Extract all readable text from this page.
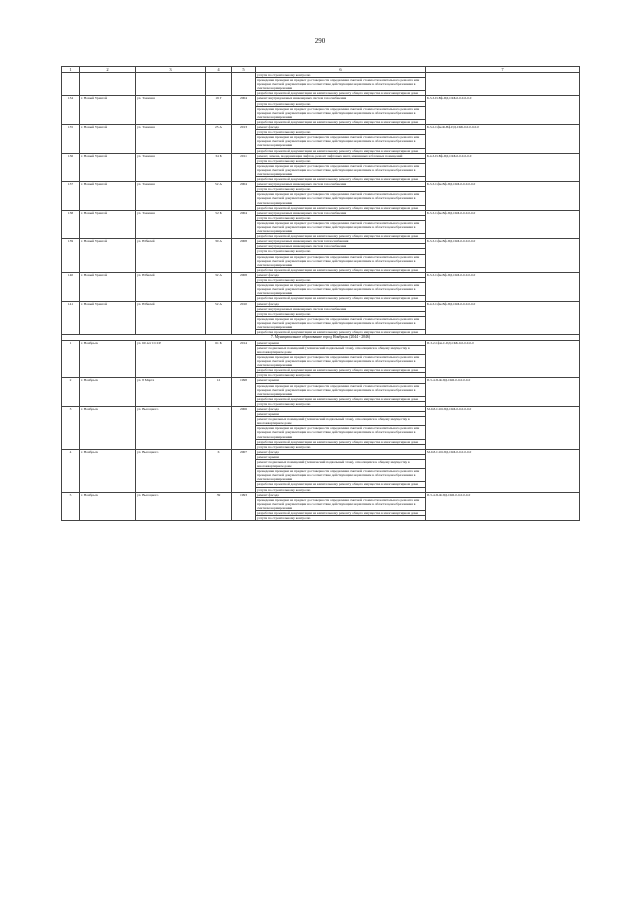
290
1	2	3	4	5	6	7
					услуги по строительному контролю	
					проведение проверки на предмет достоверности определения сметной стоимости капитального ремонта или проверки сметной документации на соответствие действующим нормативам в области ценообразования в сметном нормировании	
					разработка проектной документации на капитальному ремонту общего имущества в многоквартирном доме	
134	г. Новый Уренгой	ул. Таежная	19 Г	2004	ремонт внутридомовых инженерных систем газоснабжения	Б-3-3-П-Вф-ПД-СКБ-0-0-0-0-0-0
					услуги по строительному контролю	
					проведение проверки на предмет достоверности определения сметной стоимости капитального ремонта или проверки сметной документации на соответствие действующим нормативам в области ценообразования в сметном нормировании	
					разработка проектной документации на капитальному ремонту общего имущества в многоквартирном доме	
135	г. Новый Уренгой	ул. Таежная	25 А	2013	ремонт фасада	Б-3-2-Сфм-Ф-Вф-ПД-СКБ-0-0-0-0-0-0
					услуги по строительному контролю	
					проведение проверки на предмет достоверности определения сметной стоимости капитального ремонта или проверки сметной документации на соответствие действующим нормативам в области ценообразования в сметном нормировании	
					разработка проектной документации на капитальному ремонту общего имущества в многоквартирном доме	
136	г. Новый Уренгой	ул. Таежная	34 Б	2011	ремонт, замена, модернизация лифтов, ремонт лифтовых шахт, машинных и блочных помещений	Б-4-3-П-Вф-ПД-СКБ-0-0-0-0-0-0
					услуги по строительному контролю	
					проведение проверки на предмет достоверности определения сметной стоимости капитального ремонта или проверки сметной документации на соответствие действующим нормативам в области ценообразования в сметном нормировании	
					разработка проектной документации на капитальному ремонту общего имущества в многоквартирном доме	
137	г. Новый Уренгой	ул. Таежная	52 А	2004	ремонт внутридомовых инженерных систем газоснабжения	Б-3-3-Сфм-Вф-ПД-СКБ-0-0-0-0-0-0
					услуги по строительному контролю	
					проведение проверки на предмет достоверности определения сметной стоимости капитального ремонта или проверки сметной документации на соответствие действующим нормативам в области ценообразования в сметном нормировании	
					разработка проектной документации на капитальному ремонту общего имущества в многоквартирном доме	
138	г. Новый Уренгой	ул. Таежная	52 Б	2004	ремонт внутридомовых инженерных систем газоснабжения	Б-3-3-Сфм-Вф-ПД-СКБ-0-0-0-0-0-0
					услуги по строительному контролю	
					проведение проверки на предмет достоверности определения сметной стоимости капитального ремонта или проверки сметной документации на соответствие действующим нормативам в области ценообразования в сметном нормировании	
					разработка проектной документации на капитальному ремонту общего имущества в многоквартирном доме	
139	г. Новый Уренгой	ул. Юбилей	30 А	2008	ремонт внутридомовых инженерных систем теплоснабжения	Б-3-3-Сфм-Вф-ПД-СКБ-0-0-0-0-0-0
					ремонт внутридомовых инженерных систем газоснабжения	
					услуги по строительному контролю	
					проведение проверки на предмет достоверности определения сметной стоимости капитального ремонта или проверки сметной документации на соответствие действующим нормативам в области ценообразования в сметном нормировании	
					разработка проектной документации на капитальному ремонту общего имущества в многоквартирном доме	
140	г. Новый Уренгой	ул. Юбилей	32 А	2008	ремонт фасада	Б-3-3-Сфм-Вф-ПД-СКБ-0-0-0-0-0-0
					услуги по строительному контролю	
					проведение проверки на предмет достоверности определения сметной стоимости капитального ремонта или проверки сметной документации на соответствие действующим нормативам в области ценообразования в сметном нормировании	
					разработка проектной документации на капитальному ремонту общего имущества в многоквартирном доме	
141	г. Новый Уренгой	ул. Юбилей	52 А	2010	ремонт фасада	Б-4-3-Сфм-Вф-ПД-СКБ-0-0-0-0-0-0
					ремонт внутридомовых инженерных систем газоснабжения	
					услуги по строительному контролю	
					проведение проверки на предмет достоверности определения сметной стоимости капитального ремонта или проверки сметной документации на соответствие действующим нормативам в области ценообразования в сметном нормировании	
					разработка проектной документации на капитальному ремонту общего имущества в многоквартирном доме	
7. Муниципальное образование город Ноябрьск (2044 - 2046)						
1	г. Ноябрьск	ул. 60 лет СССР	61 Б	2014	ремонт крыши	П-3-2-Сфм-С-ПД-СКБ-0-0-0-0-0-0
					ремонт подвальных помещений (технический подвальный этаж), относящихся к общему имуществу в многоквартирном доме	
					проведение проверки на предмет достоверности определения сметной стоимости капитального ремонта или проверки сметной документации на соответствие действующим нормативам в области ценообразования в сметном нормировании	
					разработка проектной документации на капитальному ремонту общего имущества в многоквартирном доме	
					услуги по строительному контролю	
2	г. Ноябрьск	ул. 8 Марта	12	1998	ремонт крыши	П-5-4-П-Ф-ПД-СКБ-0-0-0-0-0-0
					проведение проверки на предмет достоверности определения сметной стоимости капитального ремонта или проверки сметной документации на соответствие действующим нормативам в области ценообразования в сметном нормировании	
					разработка проектной документации на капитальному ремонту общего имущества в многоквартирном доме	
					услуги по строительному контролю	
3	г. Ноябрьск	ул. Высоцкого	5	2006	ремонт фасада	М-9-8-С-Ш-ПД-СКБ-0-0-0-0-0-0
					ремонт крыши	
					ремонт подвальных помещений (технический подвальный этаж), относящихся к общему имуществу в многоквартирном доме	
					проведение проверки на предмет достоверности определения сметной стоимости капитального ремонта или проверки сметной документации на соответствие действующим нормативам в области ценообразования в сметном нормировании	
					разработка проектной документации на капитальному ремонту общего имущества в многоквартирном доме	
					услуги по строительному контролю	
4	г. Ноябрьск	ул. Высоцкого	6	2007	ремонт фасада	М-9-8-С-Ш-ПД-СКБ-0-0-0-0-0-0
					ремонт крыши	
					ремонт подвальных помещений (технический подвальный этаж), относящихся к общему имуществу в многоквартирном доме	
					проведение проверки на предмет достоверности определения сметной стоимости капитального ремонта или проверки сметной документации на соответствие действующим нормативам в области ценообразования в сметном нормировании	
					разработка проектной документации на капитальному ремонту общего имущества в многоквартирном доме	
					услуги по строительному контролю	
5	г. Ноябрьск	ул. Высоцкого	39	1993	ремонт фасада	П-5-4-П-Ф-ПД-СКБ-0-0-0-0-0-0
					проведение проверки на предмет достоверности определения сметной стоимости капитального ремонта или проверки сметной документации на соответствие действующим нормативам в области ценообразования в сметном нормировании	
					разработка проектной документации на капитальному ремонту общего имущества в многоквартирном доме	
					услуги по строительному контролю	
